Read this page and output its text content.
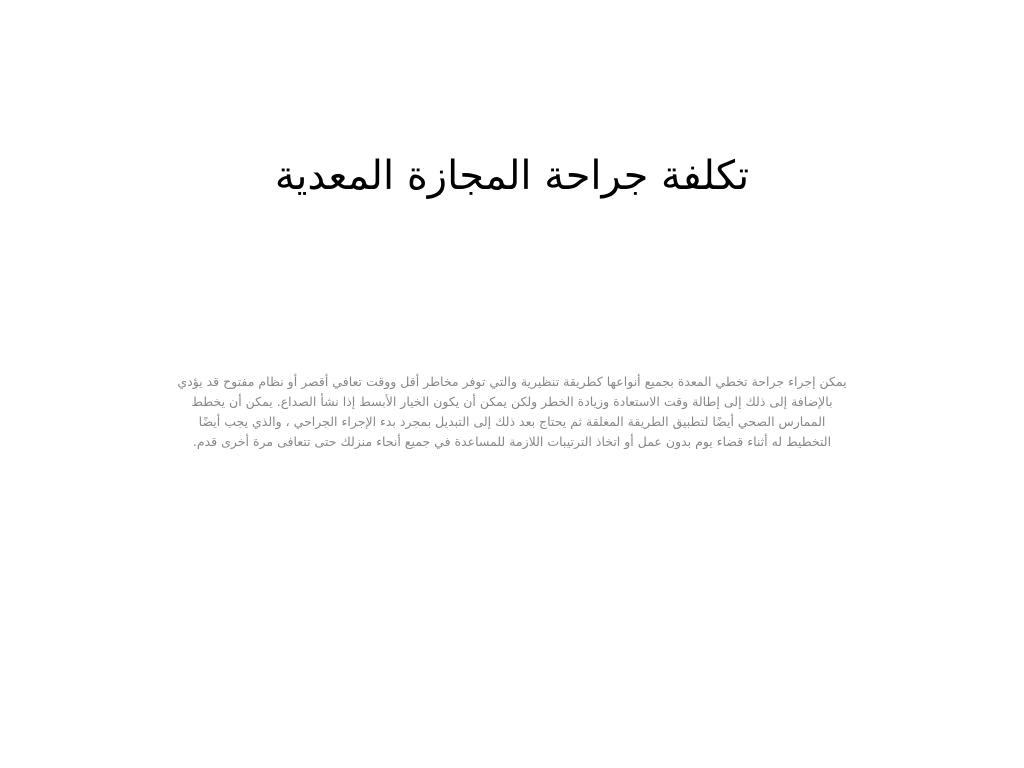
تكلفة جراحة المجازة المعدية

يمكن إجراء جراحة تخطي المعدة بجميع أنواعها كطريقة تنظيرية والتي توفر مخاطر أقل ووقت تعافي أقصر أو نظام مفتوح قد يؤدي بالإضافة إلى ذلك إلى إطالة وقت الاستعادة وزيادة الخطر ولكن يمكن أن يكون الخيار الأبسط إذا نشأ الصداع. يمكن أن يخطط الممارس الصحي أيضًا لتطبيق الطريقة المغلقة ثم يحتاج بعد ذلك إلى التبديل بمجرد بدء الإجراء الجراحي ، والذي يجب أيضًا التخطيط له أثناء قضاء يوم بدون عمل أو اتخاذ الترتيبات اللازمة للمساعدة في جميع أنحاء منزلك حتى تتعافى مرة أخرى قدم.
